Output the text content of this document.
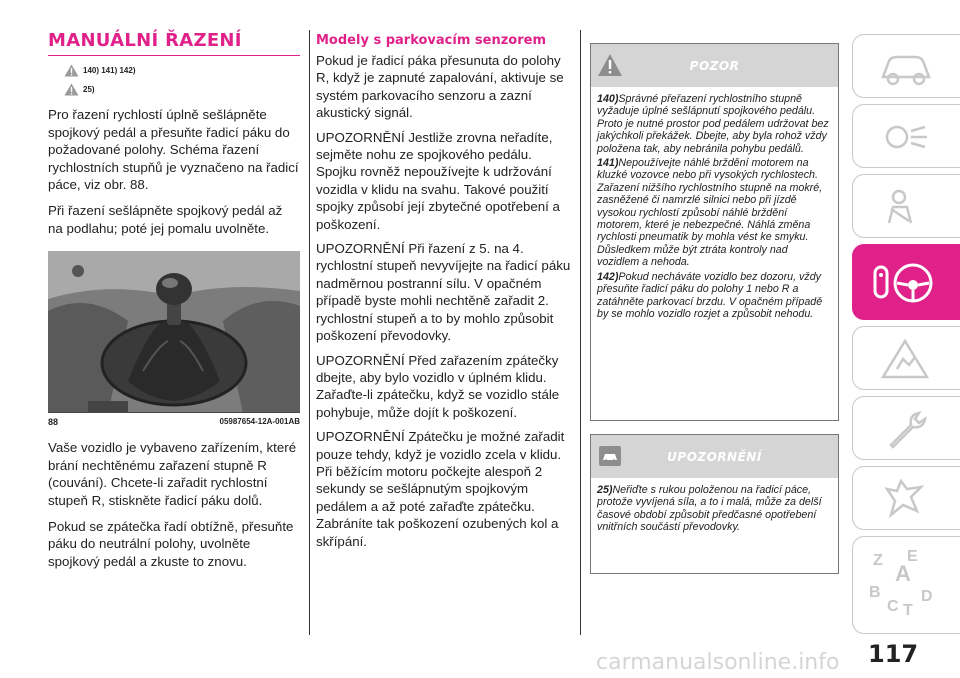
MANUÁLNÍ ŘAZENÍ
140) 141) 142)
25)

Pro řazení rychlostí úplně sešlápněte spojkový pedál a přesuňte řadicí páku do požadované polohy. Schéma řazení rychlostních stupňů je vyznačeno na řadicí páce, viz obr. 88.

Při řazení sešlápněte spojkový pedál až na podlahu; poté jej pomalu uvolněte.

88	05987654-12A-001AB

Vaše vozidlo je vybaveno zařízením, které brání nechtěnému zařazení stupně R (couvání). Chcete-li zařadit rychlostní stupeň R, stiskněte řadicí páku dolů.

Pokud se zpátečka řadí obtížně, přesuňte páku do neutrální polohy, uvolněte spojkový pedál a zkuste to znovu.

Modely s parkovacím senzorem

Pokud je řadicí páka přesunuta do polohy R, když je zapnuté zapalování, aktivuje se systém parkovacího senzoru a zazní akustický signál.

UPOZORNĚNÍ Jestliže zrovna neřadíte, sejměte nohu ze spojkového pedálu. Spojku rovněž nepoužívejte k udržování vozidla v klidu na svahu. Takové použití spojky způsobí její zbytečné opotřebení a poškození.

UPOZORNĚNÍ Při řazení z 5. na 4. rychlostní stupeň nevyvíjejte na řadicí páku nadměrnou postranní sílu. V opačném případě byste mohli nechtěně zařadit 2. rychlostní stupeň a to by mohlo způsobit poškození převodovky.

UPOZORNĚNÍ Před zařazením zpátečky dbejte, aby bylo vozidlo v úplném klidu. Zařaďte-li zpátečku, když se vozidlo stále pohybuje, může dojít k poškození.

UPOZORNĚNÍ Zpátečku je možné zařadit pouze tehdy, když je vozidlo zcela v klidu. Při běžícím motoru počkejte alespoň 2 sekundy se sešlápnutým spojkovým pedálem a až poté zařaďte zpátečku. Zabráníte tak poškození ozubených kol a skřípání.

POZOR
140)Správné přeřazení rychlostního stupně vyžaduje úplné sešlápnutí spojkového pedálu. Proto je nutné prostor pod pedálem udržovat bez jakýchkoli překážek. Dbejte, aby byla rohož vždy položena tak, aby nebránila pohybu pedálů.
141)Nepoužívejte náhlé brždění motorem na kluzké vozovce nebo při vysokých rychlostech. Zařazení nižšího rychlostního stupně na mokré, zasněžené či namrzlé silnici nebo při jízdě vysokou rychlostí způsobí náhlé brždění motorem, které je nebezpečné. Náhlá změna rychlosti pneumatik by mohla vést ke smyku. Důsledkem může být ztráta kontroly nad vozidlem a nehoda.
142)Pokud necháváte vozidlo bez dozoru, vždy přesuňte řadicí páku do polohy 1 nebo R a zatáhněte parkovací brzdu. V opačném případě by se mohlo vozidlo rozjet a způsobit nehodu.
UPOZORNĚNÍ
25)Neřiďte s rukou položenou na řadicí páce, protože vyvíjená síla, a to i malá, může za delší časové období způsobit předčasné opotřebení vnitřních součástí převodovky.
Z E
A
B
C T
D
carmanualsonline.info 117
